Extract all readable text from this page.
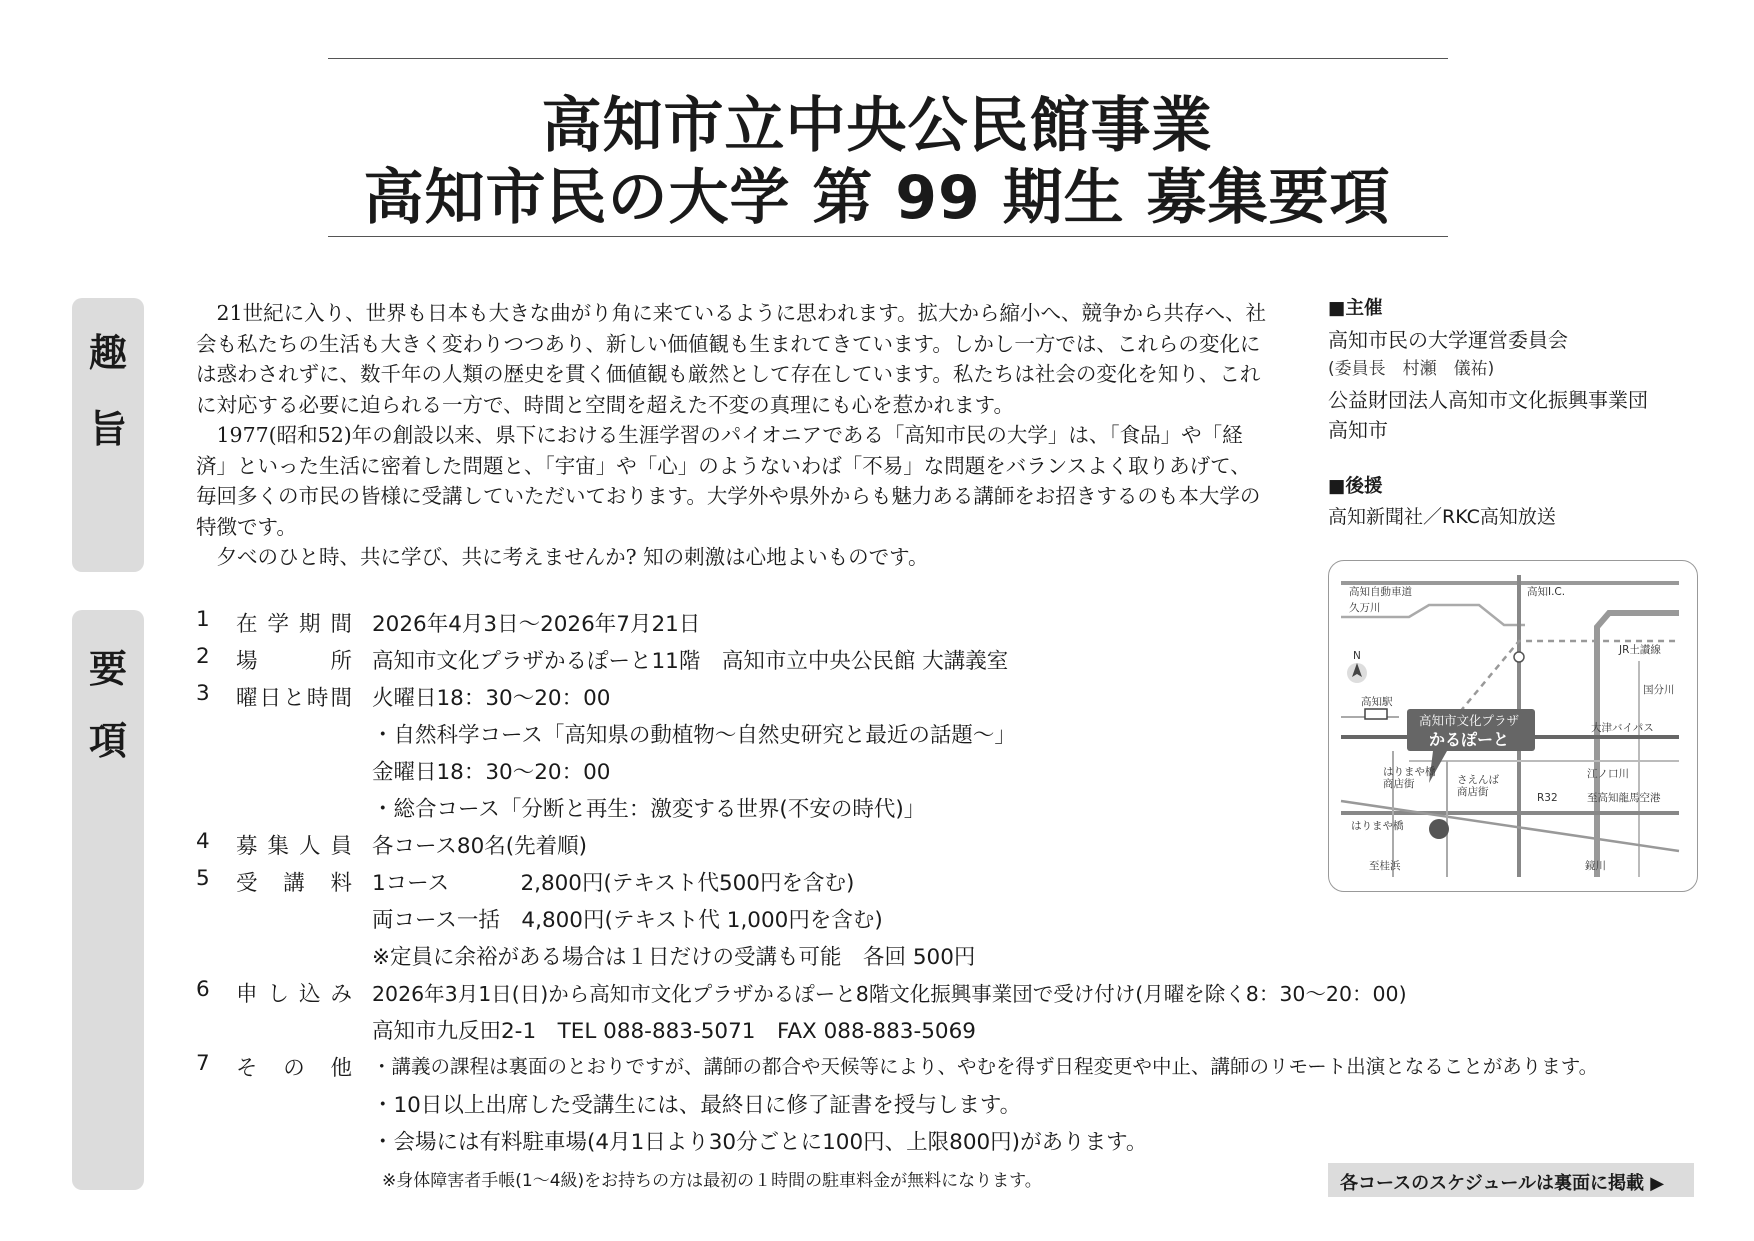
高知市立中央公民館事業
高知市民の大学 第 99 期生 募集要項
趣
旨
要
項

21世紀に入り、世界も日本も大きな曲がり角に来ているように思われます。拡大から縮小へ、競争から共存へ、社会も私たちの生活も大きく変わりつつあり、新しい価値観も生まれてきています。しかし一方では、これらの変化には惑わされずに、数千年の人類の歴史を貫く価値観も厳然として存在しています。私たちは社会の変化を知り、これに対応する必要に迫られる一方で、時間と空間を超えた不変の真理にも心を惹かれます。

1977(昭和52)年の創設以来、県下における生涯学習のパイオニアである「高知市民の大学」は、「食品」や「経済」といった生活に密着した問題と、「宇宙」や「心」のようないわば「不易」な問題をバランスよく取りあげて、毎回多くの市民の皆様に受講していただいております。大学外や県外からも魅力ある講師をお招きするのも本大学の特徴です。

夕べのひと時、共に学び、共に考えませんか? 知の刺激は心地よいものです。

1 在学期間 2026年4月3日～2026年7月21日
2 場所 高知市文化プラザかるぽーと11階　高知市立中央公民館 大講義室
3 曜日と時間 火曜日18：30～20：00
・自然科学コース「高知県の動植物～自然史研究と最近の話題～」
金曜日18：30～20：00
・総合コース「分断と再生：激変する世界(不安の時代)」
4 募集人員 各コース80名(先着順)
5 受講料 1コース　　　 2,800円(テキスト代500円を含む)
両コース一括　4,800円(テキスト代 1,000円を含む)
※定員に余裕がある場合は１日だけの受講も可能　各回 500円
6 申し込み 2026年3月1日(日)から高知市文化プラザかるぽーと8階文化振興事業団で受け付け(月曜を除く8：30～20：00)
高知市九反田2-1　TEL 088-883-5071　FAX 088-883-5069
7 その他 ・講義の課程は裏面のとおりですが、講師の都合や天候等により、やむを得ず日程変更や中止、講師のリモート出演となることがあります。
・10日以上出席した受講生には、最終日に修了証書を授与します。
・会場には有料駐車場(4月1日より30分ごとに100円、上限800円)があります。
※身体障害者手帳(1～4級)をお持ちの方は最初の１時間の駐車料金が無料になります。
■主催
高知市民の大学運営委員会
(委員長　村瀬　儀祐)
公益財団法人高知市文化振興事業団
高知市
■後援
高知新聞社／RKC高知放送
高知自動車道	高知I.C.
久万川
N	JR土讃線
国分川
高知駅
大津バイパス
江ノ口川
はりまや橋
商店街	さえんば
商店街	R32	至高知龍馬空港
はりまや橋
至桂浜	鏡川
高知市文化プラザ
かるぽーと
各コースのスケジュールは裏面に掲載 ▶
